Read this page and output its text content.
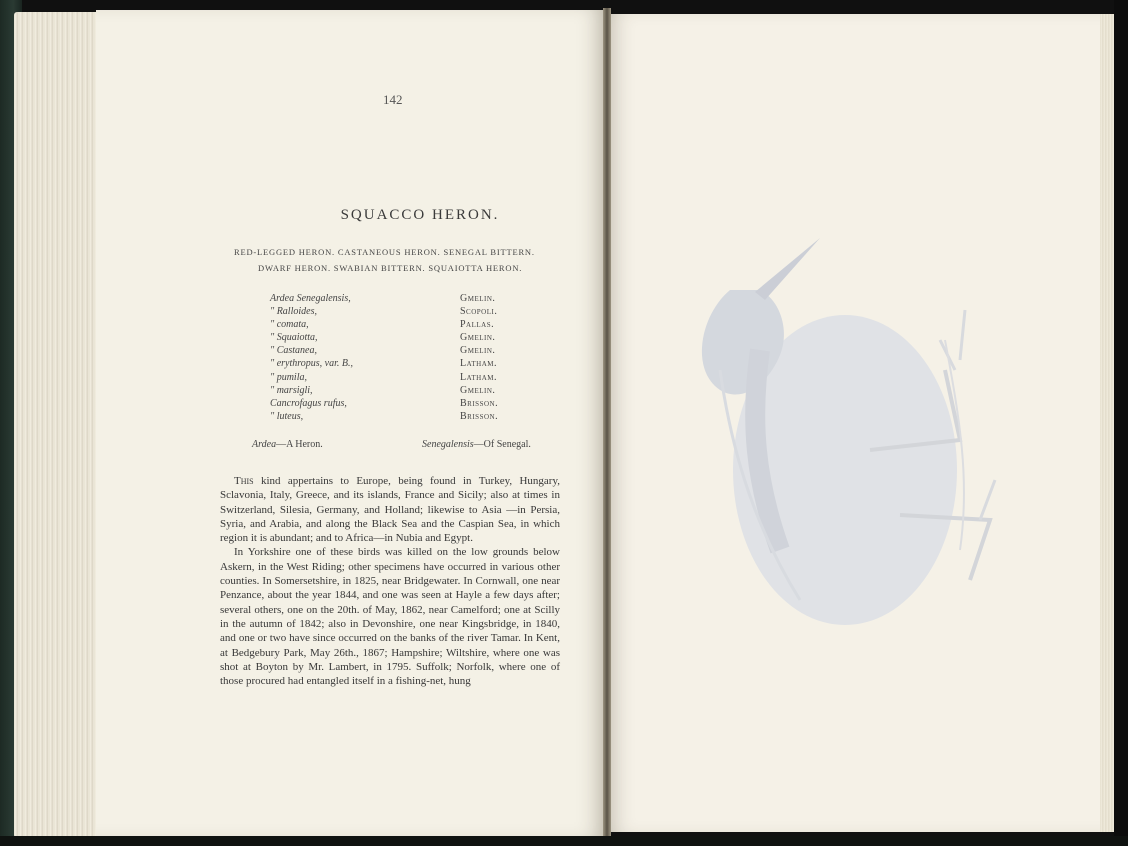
142
SQUACCO HERON.
RED-LEGGED HERON. CASTANEOUS HERON. SENEGAL BITTERN.
DWARF HERON. SWABIAN BITTERN. SQUAIOTTA HERON.
Ardea Senegalensis,	Gmelin.
" Ralloides,	Scopoli.
" comata,	Pallas.
" Squaiotta,	Gmelin.
" Castanea,	Gmelin.
" erythropus, var. B.,	Latham.
" pumila,	Latham.
" marsigli,	Gmelin.
Cancrofagus rufus,	Brisson.
" luteus,	Brisson.
Ardea—A Heron.	Senegalensis—Of Senegal.

This kind appertains to Europe, being found in Turkey, Hungary, Sclavonia, Italy, Greece, and its islands, France and Sicily; also at times in Switzerland, Silesia, Germany, and Holland; likewise to Asia —in Persia, Syria, and Arabia, and along the Black Sea and the Caspian Sea, in which region it is abundant; and to Africa—in Nubia and Egypt.

In Yorkshire one of these birds was killed on the low grounds below Askern, in the West Riding; other specimens have occurred in various other counties. In Somersetshire, in 1825, near Bridgewater. In Cornwall, one near Penzance, about the year 1844, and one was seen at Hayle a few days after; several others, one on the 20th. of May, 1862, near Camelford; one at Scilly in the autumn of 1842; also in Devonshire, one near Kingsbridge, in 1840, and one or two have since occurred on the banks of the river Tamar. In Kent, at Bedgebury Park, May 26th., 1867; Hampshire; Wiltshire, where one was shot at Boyton by Mr. Lambert, in 1795. Suffolk; Norfolk, where one of those procured had entangled itself in a fishing-net, hung
